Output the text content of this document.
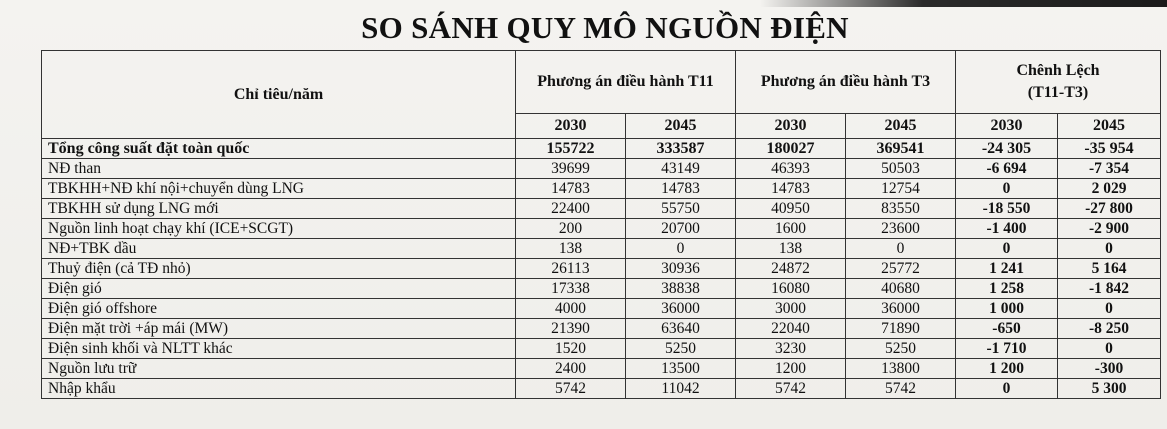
SO SÁNH QUY MÔ NGUỒN ĐIỆN
Chỉ tiêu/năm	Phương án điều hành T11		Phương án điều hành T3		Chênh Lệch
(T11-T3)	
	2030	2045	2030	2045	2030	2045
Tổng công suất đặt toàn quốc	155722	333587	180027	369541	-24 305	-35 954
NĐ than	39699	43149	46393	50503	-6 694	-7 354
TBKHH+NĐ khí nội+chuyển dùng LNG	14783	14783	14783	12754	0	2 029
TBKHH sử dụng LNG mới	22400	55750	40950	83550	-18 550	-27 800
Nguồn linh hoạt chạy khí (ICE+SCGT)	200	20700	1600	23600	-1 400	-2 900
NĐ+TBK dầu	138	0	138	0	0	0
Thuỷ điện (cả TĐ nhỏ)	26113	30936	24872	25772	1 241	5 164
Điện gió	17338	38838	16080	40680	1 258	-1 842
Điện gió offshore	4000	36000	3000	36000	1 000	0
Điện mặt trời +áp mái (MW)	21390	63640	22040	71890	-650	-8 250
Điện sinh khối và NLTT khác	1520	5250	3230	5250	-1 710	0
Nguồn lưu trữ	2400	13500	1200	13800	1 200	-300
Nhập khẩu	5742	11042	5742	5742	0	5 300
